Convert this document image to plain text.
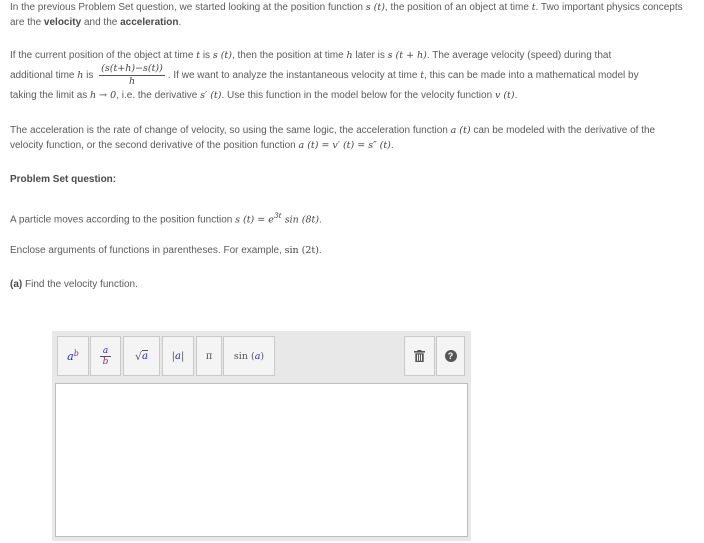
In the previous Problem Set question, we started looking at the position function s (t), the position of an object at time t. Two important physics concepts are the velocity and the acceleration.

If the current position of the object at time t is s (t), then the position at time h later is s (t + h). The average velocity (speed) during that

additional time h is $\frac{(s(t+h)-s(t))}{h}$ . If we want to analyze the instantaneous velocity at time t, this can be made into a mathematical model by

taking the limit as h → 0, i.e. the derivative s′ (t). Use this function in the model below for the velocity function v (t).

The acceleration is the rate of change of velocity, so using the same logic, the acceleration function a (t) can be modeled with the derivative of the velocity function, or the second derivative of the position function a (t) = v′ (t) = s″ (t).

Problem Set question:

A particle moves according to the position function s $(t) = e^{3t}$ sin (8t).

Enclose arguments of functions in parentheses. For example, sin (2t).

(a) Find the velocity function.

$a^b$	a
b √ a | a | π sin ( a )	?
